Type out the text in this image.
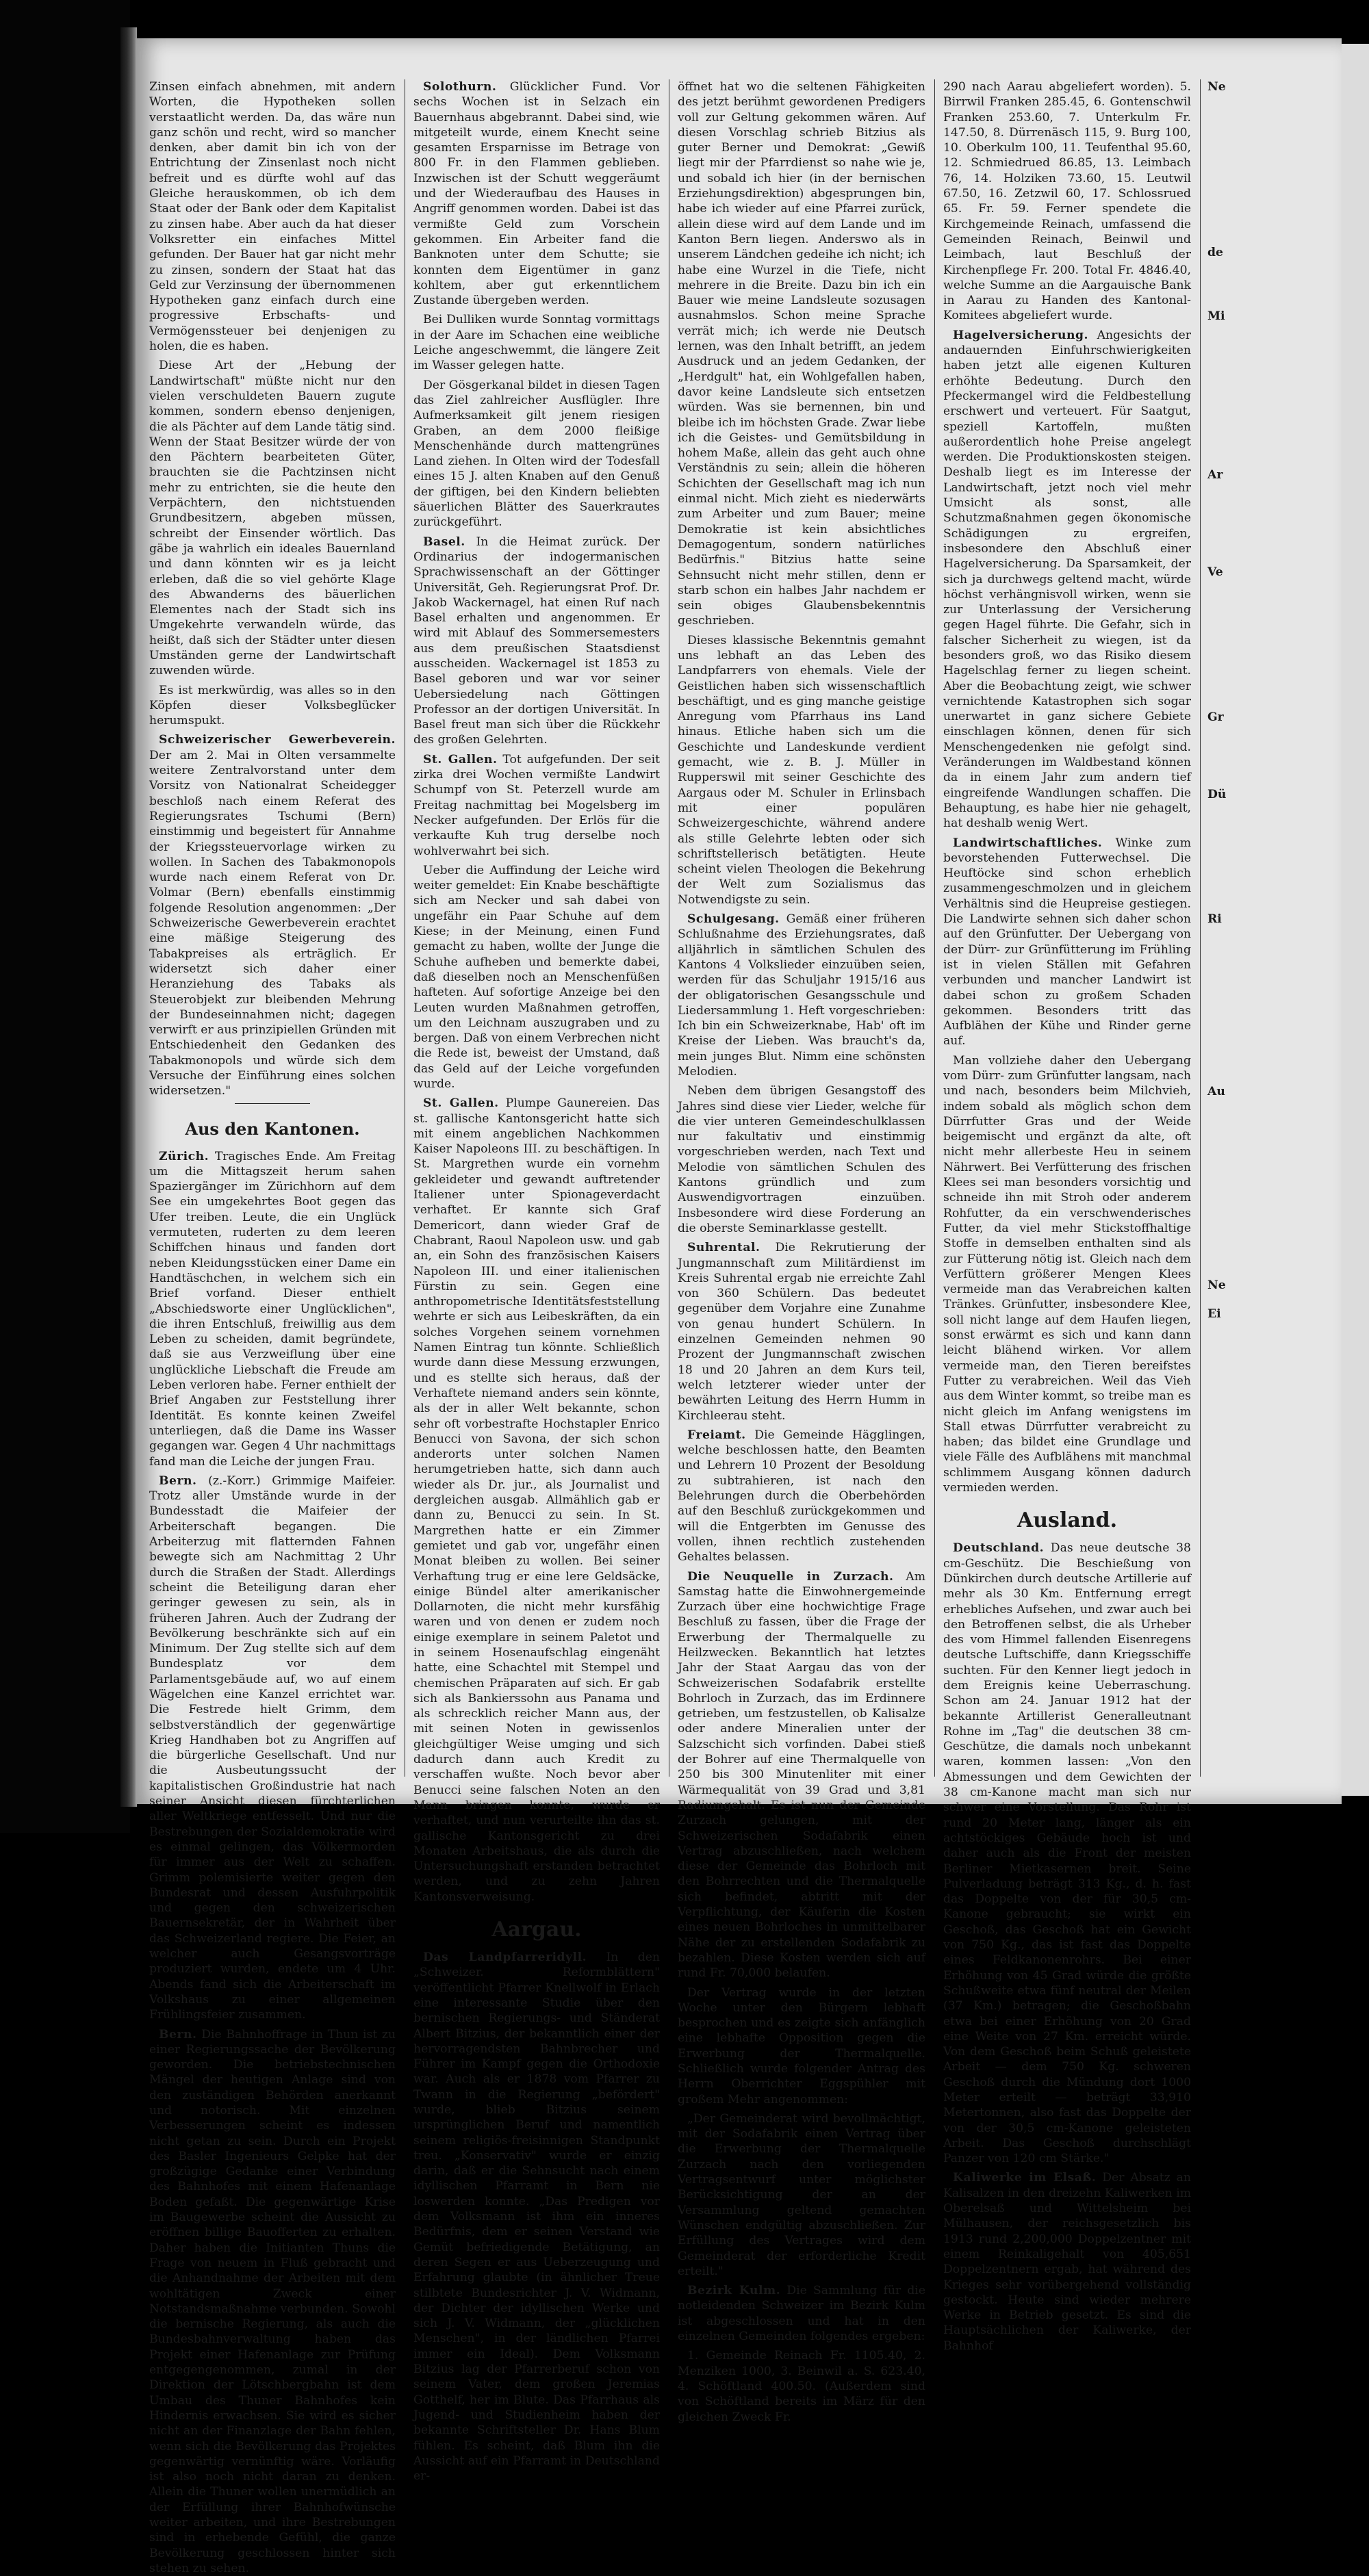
Zinsen einfach abnehmen, mit andern Worten, die Hypotheken sollen verstaatlicht werden. Da, das wäre nun ganz schön und recht, wird so mancher denken, aber damit bin ich von der Entrichtung der Zinsenlast noch nicht befreit und es dürfte wohl auf das Gleiche herauskommen, ob ich dem Staat oder der Bank oder dem Kapitalist zu zinsen habe. Aber auch da hat dieser Volksretter ein einfaches Mittel gefunden. Der Bauer hat gar nicht mehr zu zinsen, sondern der Staat hat das Geld zur Verzinsung der übernommenen Hypotheken ganz einfach durch eine progressive Erbschafts- und Vermögenssteuer bei denjenigen zu holen, die es haben.

Diese Art der „Hebung der Landwirtschaft" müßte nicht nur den vielen verschuldeten Bauern zugute kommen, sondern ebenso denjenigen, die als Pächter auf dem Lande tätig sind. Wenn der Staat Besitzer würde der von den Pächtern bearbeiteten Güter, brauchten sie die Pachtzinsen nicht mehr zu entrichten, sie die heute den Verpächtern, den nichtstuenden Grundbesitzern, abgeben müssen, schreibt der Einsender wörtlich. Das gäbe ja wahrlich ein ideales Bauernland und dann könnten wir es ja leicht erleben, daß die so viel gehörte Klage des Abwanderns des bäuerlichen Elementes nach der Stadt sich ins Umgekehrte verwandeln würde, das heißt, daß sich der Städter unter diesen Umständen gerne der Landwirtschaft zuwenden würde.

Es ist merkwürdig, was alles so in den Köpfen dieser Volksbeglücker herumspukt.

Schweizerischer Gewerbeverein. Der am 2. Mai in Olten versammelte weitere Zentralvorstand unter dem Vorsitz von Nationalrat Scheidegger beschloß nach einem Referat des Regierungsrates Tschumi (Bern) einstimmig und begeistert für Annahme der Kriegssteuervorlage wirken zu wollen. In Sachen des Tabakmonopols wurde nach einem Referat von Dr. Volmar (Bern) ebenfalls einstimmig folgende Resolution angenommen: „Der Schweizerische Gewerbeverein erachtet eine mäßige Steigerung des Tabakpreises als erträglich. Er widersetzt sich daher einer Heranziehung des Tabaks als Steuerobjekt zur bleibenden Mehrung der Bundeseinnahmen nicht; dagegen verwirft er aus prinzipiellen Gründen mit Entschiedenheit den Gedanken des Tabakmonopols und würde sich dem Versuche der Einführung eines solchen widersetzen."

Aus den Kantonen.

Zürich. Tragisches Ende. Am Freitag um die Mittagszeit herum sahen Spaziergänger im Zürichhorn auf dem See ein umgekehrtes Boot gegen das Ufer treiben. Leute, die ein Unglück vermuteten, ruderten zu dem leeren Schiffchen hinaus und fanden dort neben Kleidungsstücken einer Dame ein Handtäschchen, in welchem sich ein Brief vorfand. Dieser enthielt „Abschiedsworte einer Unglücklichen", die ihren Entschluß, freiwillig aus dem Leben zu scheiden, damit begründete, daß sie aus Verzweiflung über eine unglückliche Liebschaft die Freude am Leben verloren habe. Ferner enthielt der Brief Angaben zur Feststellung ihrer Identität. Es konnte keinen Zweifel unterliegen, daß die Dame ins Wasser gegangen war. Gegen 4 Uhr nachmittags fand man die Leiche der jungen Frau.

Bern. (z.-Korr.) Grimmige Maifeier. Trotz aller Umstände wurde in der Bundesstadt die Maifeier der Arbeiterschaft begangen. Die Arbeiterzug mit flatternden Fahnen bewegte sich am Nachmittag 2 Uhr durch die Straßen der Stadt. Allerdings scheint die Beteiligung daran eher geringer gewesen zu sein, als in früheren Jahren. Auch der Zudrang der Bevölkerung beschränkte sich auf ein Minimum. Der Zug stellte sich auf dem Bundesplatz vor dem Parlamentsgebäude auf, wo auf einem Wägelchen eine Kanzel errichtet war. Die Festrede hielt Grimm, dem selbstverständlich der gegenwärtige Krieg Handhaben bot zu Angriffen auf die bürgerliche Gesellschaft. Und nur die Ausbeutungssucht der kapitalistischen Großindustrie hat nach seiner Ansicht diesen fürchterlichen aller Weltkriege entfesselt. Und nur die Bestrebungen der Sozialdemokratie wird es einmal gelingen, das Völkermorden für immer aus der Welt zu schaffen. Grimm polemisierte weiter gegen den Bundesrat und dessen Ausfuhrpolitik und gegen den schweizerischen Bauernsekretär, der in Wahrheit über das Schweizerland regiere. Die Feier, an welcher auch Gesangsvorträge produziert wurden, endete um 4 Uhr. Abends fand sich die Arbeiterschaft im Volkshaus zu einer allgemeinen Frühlingsfeier zusammen.

Bern. Die Bahnhoffrage in Thun ist zu einer Regierungssache der Bevölkerung geworden. Die betriebstechnischen Mängel der heutigen Anlage sind von den zuständigen Behörden anerkannt und notorisch. Mit einzelnen Verbesserungen scheint es indessen nicht getan zu sein. Durch ein Projekt des Basler Ingenieurs Gelpke hat der großzügige Gedanke einer Verbindung des Bahnhofes mit einem Hafenanlage Boden gefaßt. Die gegenwärtige Krise im Baugewerbe scheint die Aussicht zu eröffnen billige Bauofferten zu erhalten. Daher haben die Initianten Thuns die Frage von neuem in Fluß gebracht und die Anhandnahme der Arbeiten mit dem wohltätigen Zweck einer Notstandsmaßnahme verbunden. Sowohl die bernische Regierung, als auch die Bundesbahnverwaltung haben das Projekt einer Hafenanlage zur Prüfung entgegengenommen, zumal in der Direktion der Lötschbergbahn ist dem Umbau des Thuner Bahnhofes kein Hindernis erwachsen. Sie wird es sicher nicht an der Finanzlage der Bahn fehlen, wenn sich die Bevölkerung das Projektes gegenwärtig vernünftig wäre. Vorläufig ist also noch nicht daran zu denken. Allein die Thuner wollen unermüdlich an der Erfüllung ihrer Bahnhofwünsche weiter arbeiten, und ihre Bestrebungen sind in erhebende Gefühl, die ganze Bevölkerung geschlossen hinter sich stehen zu sehen.

Solothurn. Glücklicher Fund. Vor sechs Wochen ist in Selzach ein Bauernhaus abgebrannt. Dabei sind, wie mitgeteilt wurde, einem Knecht seine gesamten Ersparnisse im Betrage von 800 Fr. in den Flammen geblieben. Inzwischen ist der Schutt weggeräumt und der Wiederaufbau des Hauses in Angriff genommen worden. Dabei ist das vermißte Geld zum Vorschein gekommen. Ein Arbeiter fand die Banknoten unter dem Schutte; sie konnten dem Eigentümer in ganz kohltem, aber gut erkenntlichem Zustande übergeben werden.

Bei Dulliken wurde Sonntag vormittags in der Aare im Schachen eine weibliche Leiche angeschwemmt, die längere Zeit im Wasser gelegen hatte.

Der Gösgerkanal bildet in diesen Tagen das Ziel zahlreicher Ausflügler. Ihre Aufmerksamkeit gilt jenem riesigen Graben, an dem 2000 fleißige Menschenhände durch mattengrünes Land ziehen. In Olten wird der Todesfall eines 15 J. alten Knaben auf den Genuß der giftigen, bei den Kindern beliebten säuerlichen Blätter des Sauerkrautes zurückgeführt.

Basel. In die Heimat zurück. Der Ordinarius der indogermanischen Sprachwissenschaft an der Göttinger Universität, Geh. Regierungsrat Prof. Dr. Jakob Wackernagel, hat einen Ruf nach Basel erhalten und angenommen. Er wird mit Ablauf des Sommersemesters aus dem preußischen Staatsdienst ausscheiden. Wackernagel ist 1853 zu Basel geboren und war vor seiner Uebersiedelung nach Göttingen Professor an der dortigen Universität. In Basel freut man sich über die Rückkehr des großen Gelehrten.

St. Gallen. Tot aufgefunden. Der seit zirka drei Wochen vermißte Landwirt Schumpf von St. Peterzell wurde am Freitag nachmittag bei Mogelsberg im Necker aufgefunden. Der Erlös für die verkaufte Kuh trug derselbe noch wohlverwahrt bei sich.

Ueber die Auffindung der Leiche wird weiter gemeldet: Ein Knabe beschäftigte sich am Necker und sah dabei von ungefähr ein Paar Schuhe auf dem Kiese; in der Meinung, einen Fund gemacht zu haben, wollte der Junge die Schuhe aufheben und bemerkte dabei, daß dieselben noch an Menschenfüßen hafteten. Auf sofortige Anzeige bei den Leuten wurden Maßnahmen getroffen, um den Leichnam auszugraben und zu bergen. Daß von einem Verbrechen nicht die Rede ist, beweist der Umstand, daß das Geld auf der Leiche vorgefunden wurde.

St. Gallen. Plumpe Gaunereien. Das st. gallische Kantonsgericht hatte sich mit einem angeblichen Nachkommen Kaiser Napoleons III. zu beschäftigen. In St. Margrethen wurde ein vornehm gekleideter und gewandt auftretender Italiener unter Spionageverdacht verhaftet. Er kannte sich Graf Demericort, dann wieder Graf de Chabrant, Raoul Napoleon usw. und gab an, ein Sohn des französischen Kaisers Napoleon III. und einer italienischen Fürstin zu sein. Gegen eine anthropometrische Identitätsfeststellung wehrte er sich aus Leibeskräften, da ein solches Vorgehen seinem vornehmen Namen Eintrag tun könnte. Schließlich wurde dann diese Messung erzwungen, und es stellte sich heraus, daß der Verhaftete niemand anders sein könnte, als der in aller Welt bekannte, schon sehr oft vorbestrafte Hochstapler Enrico Benucci von Savona, der sich schon anderorts unter solchen Namen herumgetrieben hatte, sich dann auch wieder als Dr. jur., als Journalist und dergleichen ausgab. Allmählich gab er dann zu, Benucci zu sein. In St. Margrethen hatte er ein Zimmer gemietet und gab vor, ungefähr einen Monat bleiben zu wollen. Bei seiner Verhaftung trug er eine lere Geldsäcke, einige Bündel alter amerikanischer Dollarnoten, die nicht mehr kursfähig waren und von denen er zudem noch einige exemplare in seinem Paletot und in seinem Hosenaufschlag eingenäht hatte, eine Schachtel mit Stempel und chemischen Präparaten auf sich. Er gab sich als Bankierssohn aus Panama und als schrecklich reicher Mann aus, der mit seinen Noten in gewissenlos gleichgültiger Weise umging und sich dadurch dann auch Kredit zu verschaffen wußte. Noch bevor aber Benucci seine falschen Noten an den Mann bringen konnte, wurde er verhaftet, und nun verurteilte ihn das st. gallische Kantonsgericht zu drei Monaten Arbeitshaus, die als durch die Untersuchungshaft erstanden betrachtet werden, und zu zehn Jahren Kantonsverweisung.

Aargau.

Das Landpfarreridyll. In den „Schweizer. Reformblättern" veröffentlicht Pfarrer Knellwolf in Erlach eine interessante Studie über den bernischen Regierungs- und Ständerat Albert Bitzius, der bekanntlich einer der hervorragendsten Bahnbrecher und Führer im Kampf gegen die Orthodoxie war. Auch als er 1878 vom Pfarrer zu Twann in die Regierung „befördert" wurde, blieb Bitzius seinem ursprünglichen Beruf und namentlich seinem religiös-freisinnigen Standpunkt treu. „Konservativ" wurde er einzig darin, daß er die Sehnsucht nach einem idyllischen Pfarramt in Bern nie loswerden konnte. „Das Predigen vor dem Volksmann ist ihm ein inneres Bedürfnis, dem er seinen Verstand wie Gemüt befriedigende Betätigung, an deren Segen er aus Ueberzeugung und Erfahrung glaubte (in ähnlicher Treue stilbtete Bundesrichter J. V. Widmann, der Dichter der idyllischen Werke und sich J. V. Widmann, der „glücklichen Menschen", in der ländlichen Pfarrei immer ein Ideal). Dem Volksmann Bitzius lag der Pfarrerberuf schon von seinem Vater, dem großen Jeremias Gotthelf, her im Blute. Das Pfarrhaus als Jugend- und Studienheim haben der bekannte Schriftsteller Dr. Hans Blum fühlen. Es scheint, daß Blum ihn die Aussicht auf ein Pfarramt in Deutschland er-

öffnet hat wo die seltenen Fähigkeiten des jetzt berühmt gewordenen Predigers voll zur Geltung gekommen wären. Auf diesen Vorschlag schrieb Bitzius als guter Berner und Demokrat: „Gewiß liegt mir der Pfarrdienst so nahe wie je, und sobald ich hier (in der bernischen Erziehungsdirektion) abgesprungen bin, habe ich wieder auf eine Pfarrei zurück, allein diese wird auf dem Lande und im Kanton Bern liegen. Anderswo als in unserem Ländchen gedeihe ich nicht; ich habe eine Wurzel in die Tiefe, nicht mehrere in die Breite. Dazu bin ich ein Bauer wie meine Landsleute sozusagen ausnahmslos. Schon meine Sprache verrät mich; ich werde nie Deutsch lernen, was den Inhalt betrifft, an jedem Ausdruck und an jedem Gedanken, der „Herdgult" hat, ein Wohlgefallen haben, davor keine Landsleute sich entsetzen würden. Was sie bernennen, bin und bleibe ich im höchsten Grade. Zwar liebe ich die Geistes- und Gemütsbildung in hohem Maße, allein das geht auch ohne Verständnis zu sein; allein die höheren Schichten der Gesellschaft mag ich nun einmal nicht. Mich zieht es niederwärts zum Arbeiter und zum Bauer; meine Demokratie ist kein absichtliches Demagogentum, sondern natürliches Bedürfnis." Bitzius hatte seine Sehnsucht nicht mehr stillen, denn er starb schon ein halbes Jahr nachdem er sein obiges Glaubensbekenntnis geschrieben.

Dieses klassische Bekenntnis gemahnt uns lebhaft an das Leben des Landpfarrers von ehemals. Viele der Geistlichen haben sich wissenschaftlich beschäftigt, und es ging manche geistige Anregung vom Pfarrhaus ins Land hinaus. Etliche haben sich um die Geschichte und Landeskunde verdient gemacht, wie z. B. J. Müller in Rupperswil mit seiner Geschichte des Aargaus oder M. Schuler in Erlinsbach mit einer populären Schweizergeschichte, während andere als stille Gelehrte lebten oder sich schriftstellerisch betätigten. Heute scheint vielen Theologen die Bekehrung der Welt zum Sozialismus das Notwendigste zu sein.

Schulgesang. Gemäß einer früheren Schlußnahme des Erziehungsrates, daß alljährlich in sämtlichen Schulen des Kantons 4 Volkslieder einzuüben seien, werden für das Schuljahr 1915/16 aus der obligatorischen Gesangsschule und Liedersammlung 1. Heft vorgeschrieben: Ich bin ein Schweizerknabe, Hab' oft im Kreise der Lieben. Was braucht's da, mein junges Blut. Nimm eine schönsten Melodien.

Neben dem übrigen Gesangstoff des Jahres sind diese vier Lieder, welche für die vier unteren Gemeindeschulklassen nur fakultativ und einstimmig vorgeschrieben werden, nach Text und Melodie von sämtlichen Schulen des Kantons gründlich und zum Auswendigvortragen einzuüben. Insbesondere wird diese Forderung an die oberste Seminarklasse gestellt.

Suhrental. Die Rekrutierung der Jungmannschaft zum Militärdienst im Kreis Suhrental ergab nie erreichte Zahl von 360 Schülern. Das bedeutet gegenüber dem Vorjahre eine Zunahme von genau hundert Schülern. In einzelnen Gemeinden nehmen 90 Prozent der Jungmannschaft zwischen 18 und 20 Jahren an dem Kurs teil, welch letzterer wieder unter der bewährten Leitung des Herrn Humm in Kirchleerau steht.

Freiamt. Die Gemeinde Hägglingen, welche beschlossen hatte, den Beamten und Lehrern 10 Prozent der Besoldung zu subtrahieren, ist nach den Belehrungen durch die Oberbehörden auf den Beschluß zurückgekommen und will die Entgerbten im Genusse des vollen, ihnen rechtlich zustehenden Gehaltes belassen.

Die Neuquelle in Zurzach. Am Samstag hatte die Einwohnergemeinde Zurzach über eine hochwichtige Frage Beschluß zu fassen, über die Frage der Erwerbung der Thermalquelle zu Heilzwecken. Bekanntlich hat letztes Jahr der Staat Aargau das von der Schweizerischen Sodafabrik erstellte Bohrloch in Zurzach, das im Erdinnere getrieben, um festzustellen, ob Kalisalze oder andere Mineralien unter der Salzschicht sich vorfinden. Dabei stieß der Bohrer auf eine Thermalquelle von 250 bis 300 Minutenliter mit einer Wärmequalität von 39 Grad und 3,81 Radiumgehalt. Es ist nun der Gemeinde Zurzach gelungen, mit der Schweizerischen Sodafabrik einen Vertrag abzuschließen, nach welchem diese der Gemeinde das Bohrloch mit den Bohrrechten und die Thermalquelle sich befindet, abtritt mit der Verpflichtung, der Käuferin die Kosten eines neuen Bohrloches in unmittelbarer Nähe der zu erstellenden Sodafabrik zu bezahlen. Diese Kosten werden sich auf rund Fr. 70,000 belaufen.

Der Vertrag wurde in der letzten Woche unter den Bürgern lebhaft besprochen und es zeigte sich anfänglich eine lebhafte Opposition gegen die Erwerbung der Thermalquelle. Schließlich wurde folgender Antrag des Herrn Oberrichter Eggspühler mit großem Mehr angenommen:

„Der Gemeinderat wird bevollmächtigt, mit der Sodafabrik einen Vertrag über die Erwerbung der Thermalquelle Zurzach nach den vorliegenden Vertragsentwurf unter möglichster Berücksichtigung der an der Versammlung geltend gemachten Wünschen endgültig abzuschließen. Zur Erfüllung des Vertrages wird dem Gemeinderat der erforderliche Kredit erteilt."

Bezirk Kulm. Die Sammlung für die notleidenden Schweizer im Bezirk Kulm ist abgeschlossen und hat in den einzelnen Gemeinden folgendes ergeben:

1. Gemeinde Reinach Fr. 1105.40, 2. Menziken 1000, 3. Beinwil a. S. 623.40, 4. Schöftland 400.50. (Außerdem sind von Schöftland bereits im März für den gleichen Zweck Fr.

290 nach Aarau abgeliefert worden). 5. Birrwil Franken 285.45, 6. Gontenschwil Franken 253.60, 7. Unterkulm Fr. 147.50, 8. Dürrenäsch 115, 9. Burg 100, 10. Oberkulm 100, 11. Teufenthal 95.60, 12. Schmiedrued 86.85, 13. Leimbach 76, 14. Holziken 73.60, 15. Leutwil 67.50, 16. Zetzwil 60, 17. Schlossrued 65. Fr. 59. Ferner spendete die Kirchgemeinde Reinach, umfassend die Gemeinden Reinach, Beinwil und Leimbach, laut Beschluß der Kirchenpflege Fr. 200. Total Fr. 4846.40, welche Summe an die Aargauische Bank in Aarau zu Handen des Kantonal-Komitees abgeliefert wurde.

Hagelversicherung. Angesichts der andauernden Einfuhrschwierigkeiten haben jetzt alle eigenen Kulturen erhöhte Bedeutung. Durch den Pfeckermangel wird die Feldbestellung erschwert und verteuert. Für Saatgut, speziell Kartoffeln, mußten außerordentlich hohe Preise angelegt werden. Die Produktionskosten steigen. Deshalb liegt es im Interesse der Landwirtschaft, jetzt noch viel mehr Umsicht als sonst, alle Schutzmaßnahmen gegen ökonomische Schädigungen zu ergreifen, insbesondere den Abschluß einer Hagelversicherung. Da Sparsamkeit, der sich ja durchwegs geltend macht, würde höchst verhängnisvoll wirken, wenn sie zur Unterlassung der Versicherung gegen Hagel führte. Die Gefahr, sich in falscher Sicherheit zu wiegen, ist da besonders groß, wo das Risiko diesem Hagelschlag ferner zu liegen scheint. Aber die Beobachtung zeigt, wie schwer vernichtende Katastrophen sich sogar unerwartet in ganz sichere Gebiete einschlagen können, denen für sich Menschengedenken nie gefolgt sind. Veränderungen im Waldbestand können da in einem Jahr zum andern tief eingreifende Wandlungen schaffen. Die Behauptung, es habe hier nie gehagelt, hat deshalb wenig Wert.

Landwirtschaftliches. Winke zum bevorstehenden Futterwechsel. Die Heuftöcke sind schon erheblich zusammengeschmolzen und in gleichem Verhältnis sind die Heupreise gestiegen. Die Landwirte sehnen sich daher schon auf den Grünfutter. Der Uebergang von der Dürr- zur Grünfütterung im Frühling ist in vielen Ställen mit Gefahren verbunden und mancher Landwirt ist dabei schon zu großem Schaden gekommen. Besonders tritt das Aufblähen der Kühe und Rinder gerne auf.

Man vollziehe daher den Uebergang vom Dürr- zum Grünfutter langsam, nach und nach, besonders beim Milchvieh, indem sobald als möglich schon dem Dürrfutter Gras und der Weide beigemischt und ergänzt da alte, oft nicht mehr allerbeste Heu in seinem Nährwert. Bei Verfütterung des frischen Klees sei man besonders vorsichtig und schneide ihn mit Stroh oder anderem Rohfutter, da ein verschwenderisches Futter, da viel mehr Stickstoffhaltige Stoffe in demselben enthalten sind als zur Fütterung nötig ist. Gleich nach dem Verfüttern größerer Mengen Klees vermeide man das Verabreichen kalten Tränkes. Grünfutter, insbesondere Klee, soll nicht lange auf dem Haufen liegen, sonst erwärmt es sich und kann dann leicht blähend wirken. Vor allem vermeide man, den Tieren bereifstes Futter zu verabreichen. Weil das Vieh aus dem Winter kommt, so treibe man es nicht gleich im Anfang wenigstens im Stall etwas Dürrfutter verabreicht zu haben; das bildet eine Grundlage und viele Fälle des Aufblähens mit manchmal schlimmem Ausgang können dadurch vermieden werden.

Ausland.

Deutschland. Das neue deutsche 38 cm-Geschütz. Die Beschießung von Dünkirchen durch deutsche Artillerie auf mehr als 30 Km. Entfernung erregt erhebliches Aufsehen, und zwar auch bei den Betroffenen selbst, die als Urheber des vom Himmel fallenden Eisenregens deutsche Luftschiffe, dann Kriegsschiffe suchten. Für den Kenner liegt jedoch in dem Ereignis keine Ueberraschung. Schon am 24. Januar 1912 hat der bekannte Artillerist Generalleutnant Rohne im „Tag" die deutschen 38 cm-Geschütze, die damals noch unbekannt waren, kommen lassen: „Von den Abmessungen und dem Gewichten der 38 cm-Kanone macht man sich nur schwer eine Vorstellung. Das Rohr ist rund 20 Meter lang, länger als ein achtstöckiges Gebäude hoch ist und daher auch als die Front der meisten Berliner Mietkasernen breit. Seine Pulverladung beträgt 313 Kg., d. h. fast das Doppelte von der für 30,5 cm-Kanone gebraucht; sie wirkt ein Geschoß, das Geschoß hat ein Gewicht von 750 Kg., das ist fast das Doppelte eines Feldkanonenrohrs. Bei einer Erhöhung von 45 Grad würde die größte Schußweite etwa fünf neutral der Meilen (37 Km.) betragen; die Geschoßbahn etwa bei einer Erhöhung von 20 Grad eine Weite von 27 Km. erreicht würde. Von dem Geschoß beim Schuß geleistete Arbeit — dem 750 Kg. schweren Geschoß durch die Mündung dort 1000 Meter erteilt — beträgt 33,910 Metertonnen, also fast das Doppelte der von der 30,5 cm-Kanone geleisteten Arbeit. Das Geschoß durchschlägt Panzer von 120 cm Stärke."

Kaliwerke im Elsaß. Der Absatz an Kalisalzen in den dreizehn Kaliwerken im Oberelsaß und Wittelsheim bei Mülhausen, der reichsgesetzlich bis 1913 rund 2,200,000 Doppelzentner mit einem Reinkaligehalt von 405,651 Doppelzentnern ergab, hat während des Krieges sehr vorübergehend vollständig gestockt. Heute sind wieder mehrere Werke in Betrieb gesetzt. Es sind die Hauptsächlichen der Kaliwerke, der Bahnhof

Ne

de

Mi

Ar

Ve

Gr

Dü

Ri

Au

Ne

Ei
